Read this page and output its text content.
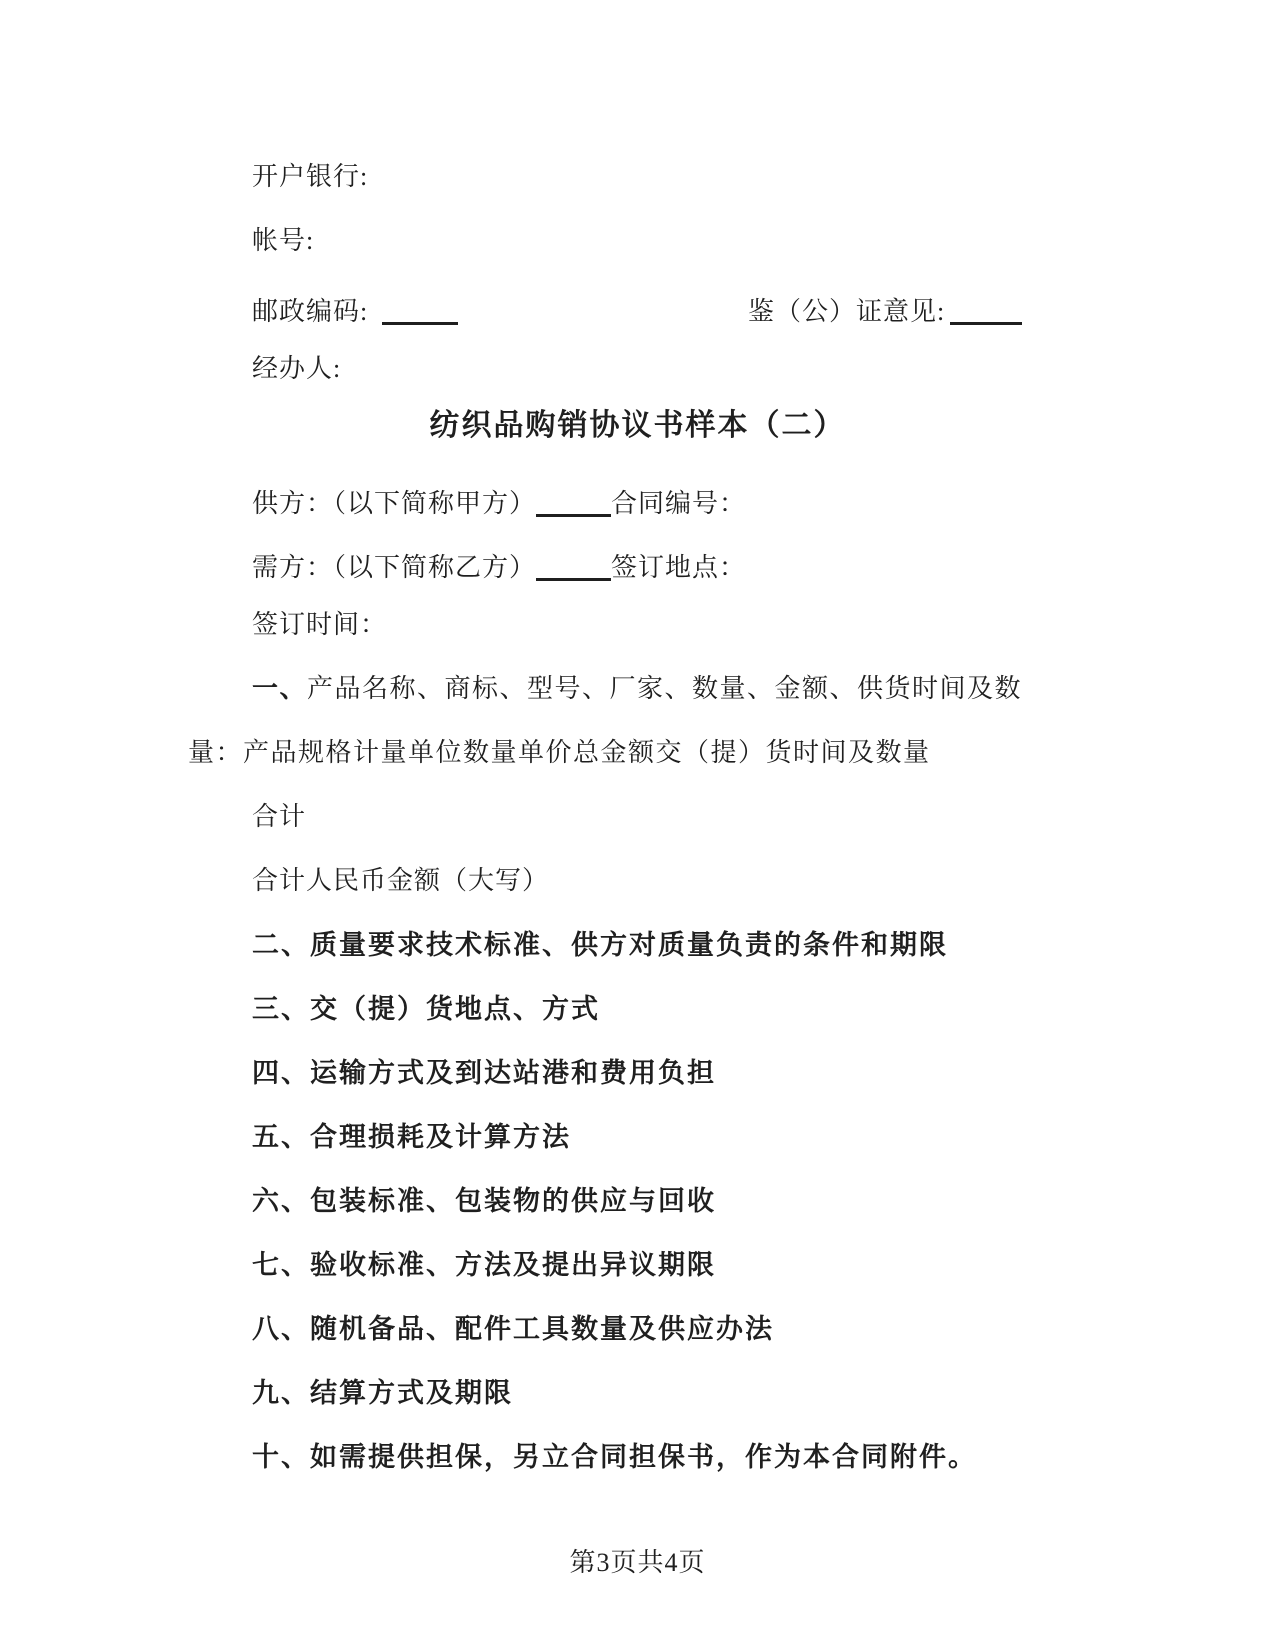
开户银行:
帐号:
邮政编码:	鉴（公）证意见:
经办人:
纺织品购销协议书样本（二）
供方：（以下简称甲方）	合同编号：
需方：（以下简称乙方）	签订地点：
签订时间：
一、产品名称、商标、型号、厂家、数量、金额、供货时间及数
量：产品规格计量单位数量单价总金额交（提）货时间及数量
合计
合计人民币金额（大写）
二、质量要求技术标准、供方对质量负责的条件和期限
三、交（提）货地点、方式
四、运输方式及到达站港和费用负担
五、合理损耗及计算方法
六、包装标准、包装物的供应与回收
七、验收标准、方法及提出异议期限
八、随机备品、配件工具数量及供应办法
九、结算方式及期限
十、如需提供担保，另立合同担保书，作为本合同附件。
第3页共4页
